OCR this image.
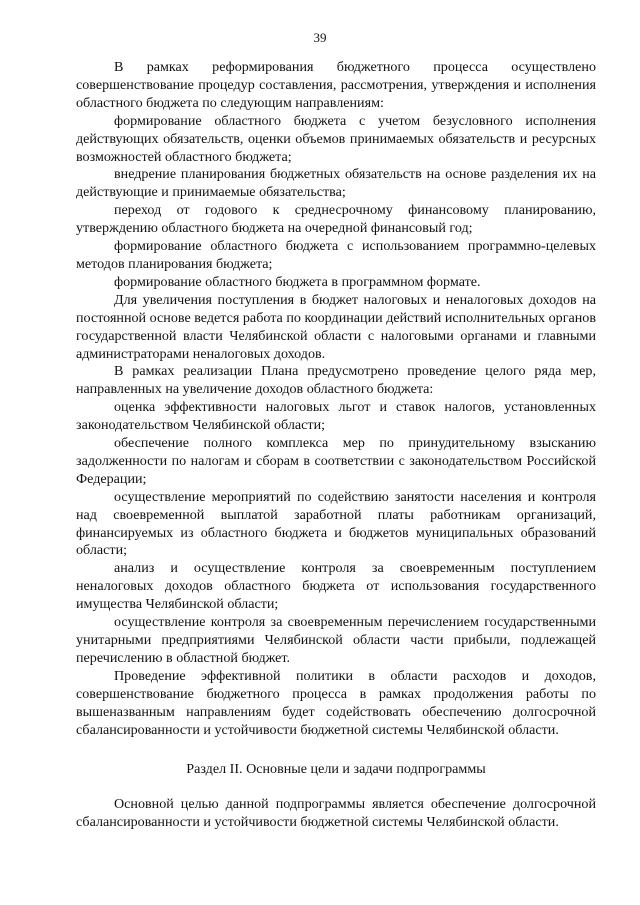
39

В рамках реформирования бюджетного процесса осуществлено совершенствование процедур составления, рассмотрения, утверждения и исполнения областного бюджета по следующим направлениям:

формирование областного бюджета с учетом безусловного исполнения действующих обязательств, оценки объемов принимаемых обязательств и ресурсных возможностей областного бюджета;

внедрение планирования бюджетных обязательств на основе разделения их на действующие и принимаемые обязательства;

переход от годового к среднесрочному финансовому планированию, утверждению областного бюджета на очередной финансовый год;

формирование областного бюджета с использованием программно-целевых методов планирования бюджета;

формирование областного бюджета в программном формате.

Для увеличения поступления в бюджет налоговых и неналоговых доходов на постоянной основе ведется работа по координации действий исполнительных органов государственной власти Челябинской области с налоговыми органами и главными администраторами неналоговых доходов.

В рамках реализации Плана предусмотрено проведение целого ряда мер, направленных на увеличение доходов областного бюджета:

оценка эффективности налоговых льгот и ставок налогов, установленных законодательством Челябинской области;

обеспечение полного комплекса мер по принудительному взысканию задолженности по налогам и сборам в соответствии с законодательством Российской Федерации;

осуществление мероприятий по содействию занятости населения и контроля над своевременной выплатой заработной платы работникам организаций, финансируемых из областного бюджета и бюджетов муниципальных образований области;

анализ и осуществление контроля за своевременным поступлением неналоговых доходов областного бюджета от использования государственного имущества Челябинской области;

осуществление контроля за своевременным перечислением государственными унитарными предприятиями Челябинской области части прибыли, подлежащей перечислению в областной бюджет.

Проведение эффективной политики в области расходов и доходов, совершенствование бюджетного процесса в рамках продолжения работы по вышеназванным направлениям будет содействовать обеспечению долгосрочной сбалансированности и устойчивости бюджетной системы Челябинской области.

Раздел II. Основные цели и задачи подпрограммы

Основной целью данной подпрограммы является обеспечение долгосрочной сбалансированности и устойчивости бюджетной системы Челябинской области.
